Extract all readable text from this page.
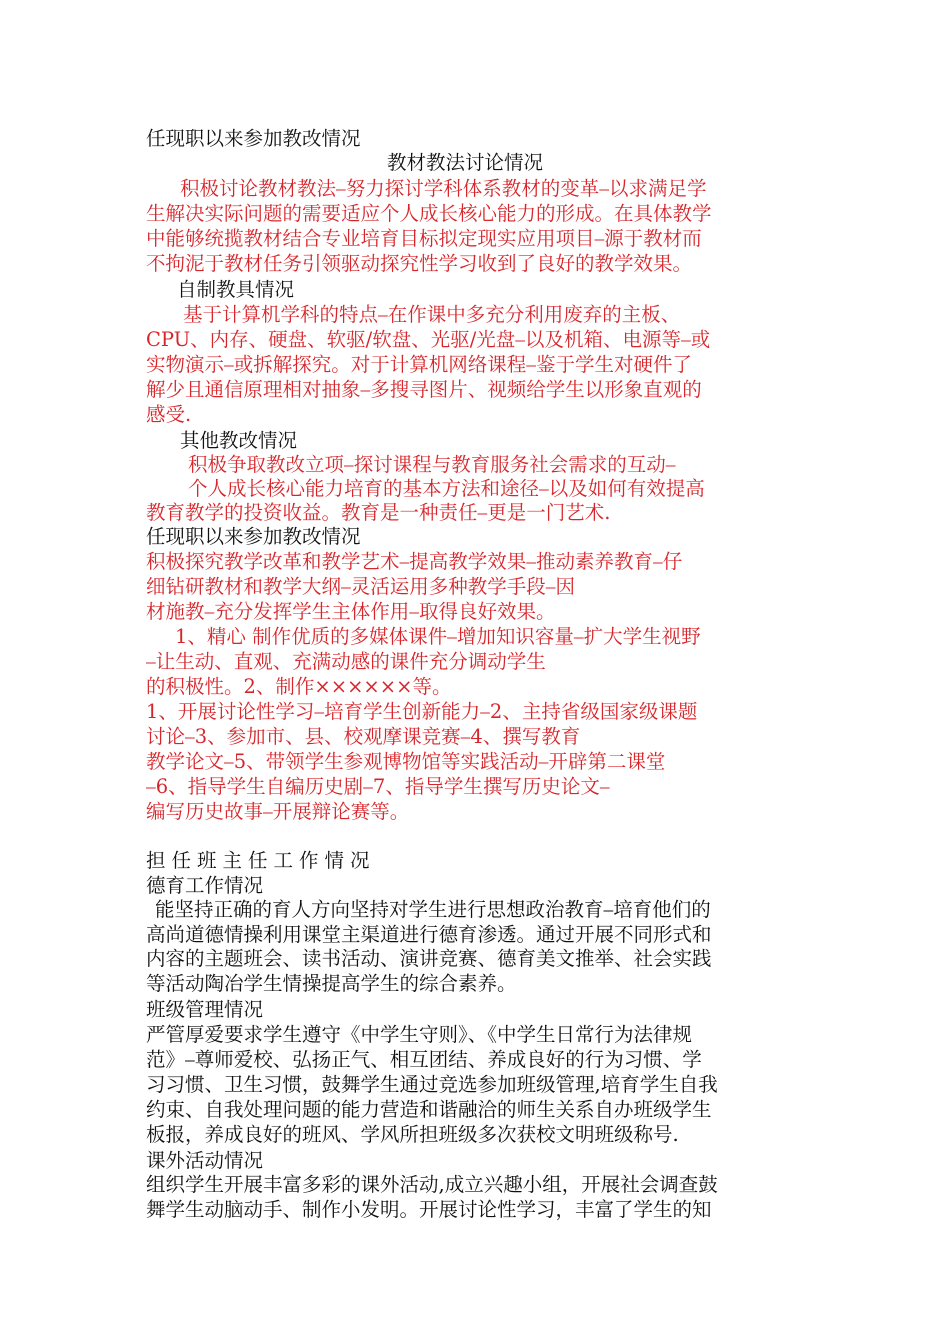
任现职以来参加教改情况
教材教法讨论情况
积极讨论教材教法⎯努力探讨学科体系教材的变革⎯以求满足学
生解决实际问题的需要适应个人成长核心能力的形成。在具体教学
中能够统揽教材结合专业培育目标拟定现实应用项目⎯源于教材而
不拘泥于教材任务引领驱动探究性学习收到了良好的教学效果。
自制教具情况
基于计算机学科的特点⎯在作课中多充分利用废弃的主板、
CPU、内存、硬盘、软驱/软盘、光驱/光盘⎯以及机箱、电源等⎯或
实物演示⎯或拆解探究。对于计算机网络课程⎯鉴于学生对硬件了
解少且通信原理相对抽象⎯多搜寻图片、视频给学生以形象直观的
感受.
其他教改情况
积极争取教改立项⎯探讨课程与教育服务社会需求的互动⎯
个人成长核心能力培育的基本方法和途径⎯以及如何有效提高
教育教学的投资收益。教育是一种责任⎯更是一门艺术.
任现职以来参加教改情况
积极探究教学改革和教学艺术⎯提高教学效果⎯推动素养教育⎯仔
细钻研教材和教学大纲⎯灵活运用多种教学手段⎯因
材施教⎯充分发挥学生主体作用⎯取得良好效果。
1、精心 制作优质的多媒体课件⎯增加知识容量⎯扩大学生视野
⎯让生动、直观、充满动感的课件充分调动学生
的积极性。2、制作××××××等。
1、开展讨论性学习⎯培育学生创新能力⎯2、主持省级国家级课题
讨论⎯3、参加市、县、校观摩课竞赛⎯4、撰写教育
教学论文⎯5、带领学生参观博物馆等实践活动⎯开辟第二课堂
⎯6、指导学生自编历史剧⎯7、指导学生撰写历史论文⎯
编写历史故事⎯开展辩论赛等。
担任班主任工作情况
德育工作情况
能坚持正确的育人方向坚持对学生进行思想政治教育⎯培育他们的
高尚道德情操利用课堂主渠道进行德育渗透。通过开展不同形式和
内容的主题班会、读书活动、演讲竞赛、德育美文推举、社会实践
等活动陶冶学生情操提高学生的综合素养。
班级管理情况
严管厚爱要求学生遵守《中学生守则》、《中学生日常行为法律规
范》⎯尊师爱校、弘扬正气、相互团结、养成良好的行为习惯、学
习习惯、卫生习惯，鼓舞学生通过竞选参加班级管理,培育学生自我
约束、自我处理问题的能力营造和谐融洽的师生关系自办班级学生
板报，养成良好的班风、学风所担班级多次获校文明班级称号.
课外活动情况
组织学生开展丰富多彩的课外活动,成立兴趣小组，开展社会调查鼓
舞学生动脑动手、制作小发明。开展讨论性学习，丰富了学生的知
